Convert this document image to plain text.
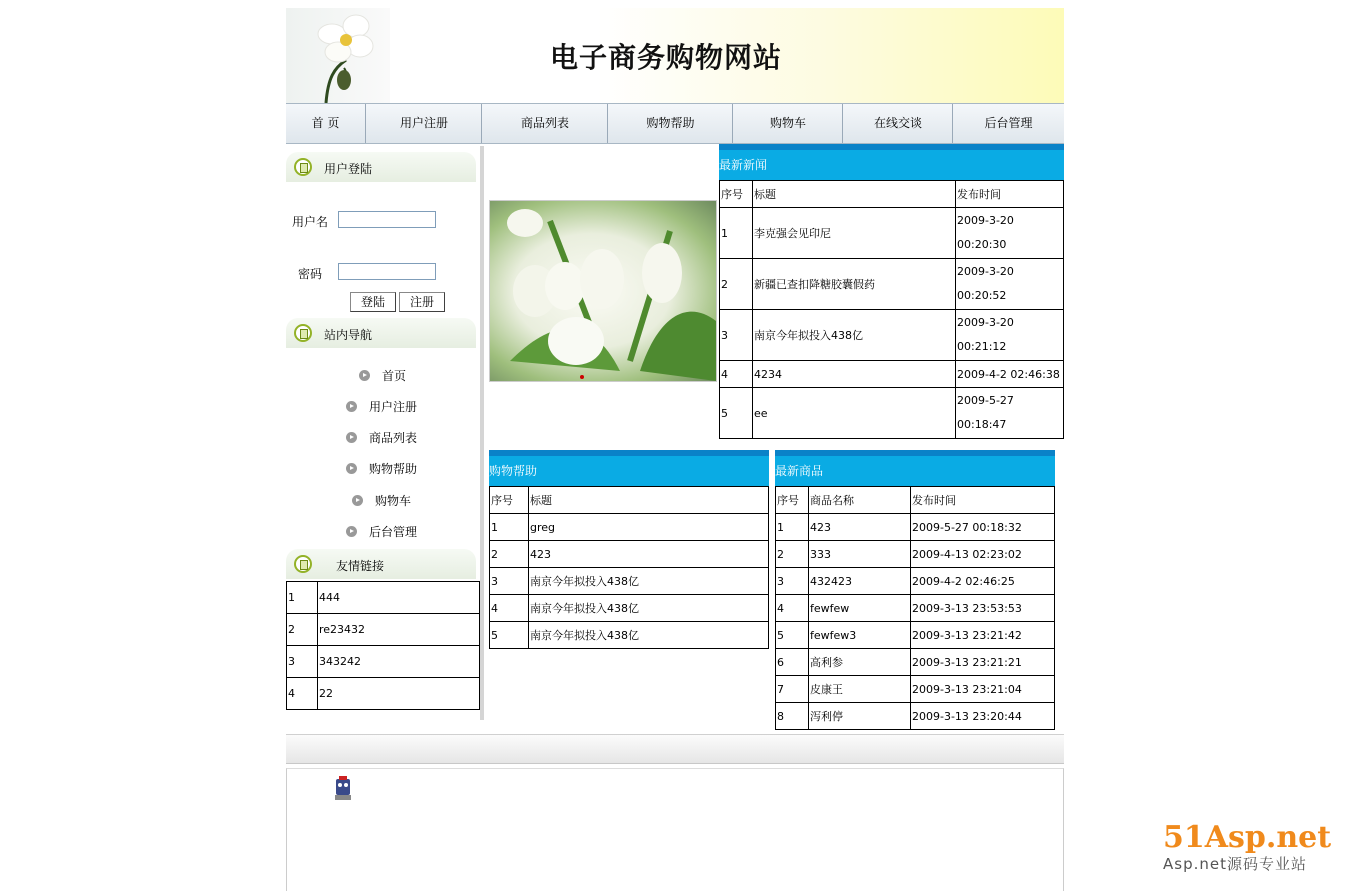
电子商务购物网站
首 页	用户注册	商品列表	购物帮助	购物车	在线交谈	后台管理
用户登陆
用户名
密码
登陆	注册
站内导航
首页
用户注册
商品列表
购物帮助
购物车
后台管理
友情链接
1	444
2	re23432
3	343242
4	22
最新新闻
序号	标题	发布时间
1	李克强会见印尼	2009-3-20 00:20:30
2	新疆已查扣降糖胶囊假药	2009-3-20 00:20:52
3	南京今年拟投入438亿	2009-3-20 00:21:12
4	4234	2009-4-2 02:46:38
5	ee	2009-5-27 00:18:47
购物帮助
序号	标题
1	greg
2	423
3	南京今年拟投入438亿
4	南京今年拟投入438亿
5	南京今年拟投入438亿
最新商品
序号	商品名称	发布时间
1	423	2009-5-27 00:18:32
2	333	2009-4-13 02:23:02
3	432423	2009-4-2 02:46:25
4	fewfew	2009-3-13 23:53:53
5	fewfew3	2009-3-13 23:21:42
6	高利参	2009-3-13 23:21:21
7	皮康王	2009-3-13 23:21:04
8	泻利停	2009-3-13 23:20:44
51Asp.net
Asp.net源码专业站
